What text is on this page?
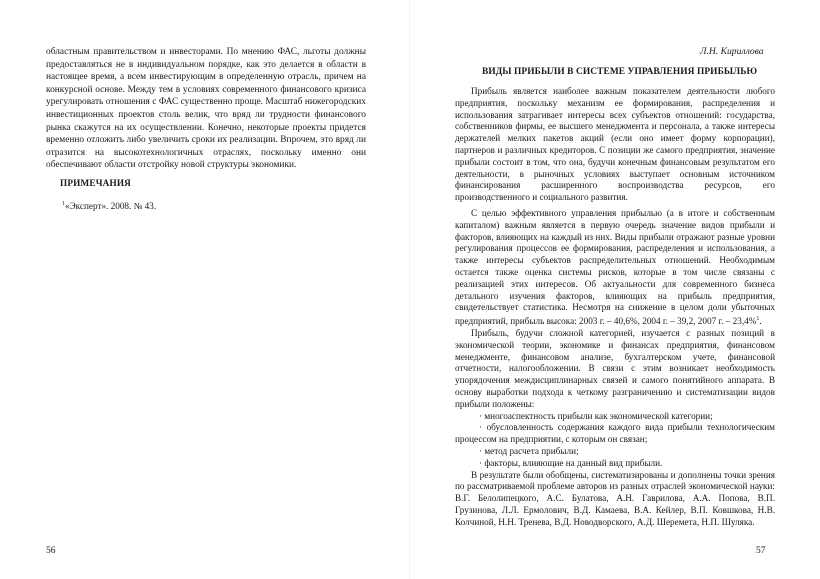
областным правительством и инвесторами. По мнению ФАС, льготы должны предоставляться не в индивидуальном порядке, как это делается в области в настоящее время, а всем инвестирующим в определенную отрасль, причем на конкурсной основе. Между тем в условиях современного финансового кризиса урегулировать отношения с ФАС существенно проще. Масштаб нижегородских инвестиционных проектов столь велик, что вряд ли трудности финансового рынка скажутся на их осуществлении. Конечно, некоторые проекты придется временно отложить либо увеличить сроки их реализации. Впрочем, это вряд ли отразится на высокотехнологичных отраслях, поскольку именно они обеспечивают области отстройку новой структуры экономики.

ПРИМЕЧАНИЯ
$^1$«Эксперт». 2008. № 43.
56
Л.Н. Кириллова
ВИДЫ ПРИБЫЛИ В СИСТЕМЕ УПРАВЛЕНИЯ ПРИБЫЛЬЮ

Прибыль является наиболее важным показателем деятельности любого предприятия, поскольку механизм ее формирования, распределения и использования затрагивает интересы всех субъектов отношений: государства, собственников фирмы, ее высшего менеджмента и персонала, а также интересы держателей мелких пакетов акций (если оно имеет форму корпорации), партнеров и различных кредиторов. С позиции же самого предприятия, значение прибыли состоит в том, что она, будучи конечным финансовым результатом его деятельности, в рыночных условиях выступает основным источником финансирования расширенного воспроизводства ресурсов, его производственного и социального развития.

С целью эффективного управления прибылью (а в итоге и собственным капиталом) важным является в первую очередь значение видов прибыли и факторов, влияющих на каждый из них. Виды прибыли отражают разные уровни регулирования процессов ее формирования, распределения и использования, а также интересы субъектов распределительных отношений. Необходимым остается также оценка системы рисков, которые в том числе связаны с реализацией этих интересов. Об актуальности для современного бизнеса детального изучения факторов, влияющих на прибыль предприятия, свидетельствует статистика. Несмотря на снижение в целом доли убыточных предприятий, прибыль высока: 2003 г. – 40,6%, 2004 г. – 39,2, 2007 г. – 23,4%$^1$.

Прибыль, будучи сложной категорией, изучается с разных позиций в экономической теории, экономике и финансах предприятия, финансовом менеджменте, финансовом анализе, бухгалтерском учете, финансовой отчетности, налогообложении. В связи с этим возникает необходимость упорядочения междисциплинарных связей и самого понятийного аппарата. В основу выработки подхода к четкому разграничению и систематизации видов прибыли положены:

· многоаспектность прибыли как экономической категории;

· обусловленность содержания каждого вида прибыли технологическим процессом на предприятии, с которым он связан;

· метод расчета прибыли;

· факторы, влияющие на данный вид прибыли.

В результате были обобщены, систематизированы и дополнены точки зрения по рассматриваемой проблеме авторов из разных отраслей экономической науки: В.Г. Белолипецкого, А.С. Булатова, А.Н. Гаврилова, А.А. Попова, В.П. Грузинова, Л.Л. Ермолович, В.Д. Камаева, В.А. Кейлер, В.П. Ковшкова, Н.В. Колчиной, Н.Н. Тренева, В.Д. Новодворского, А.Д. Шеремета, Н.П. Шуляка.

57
